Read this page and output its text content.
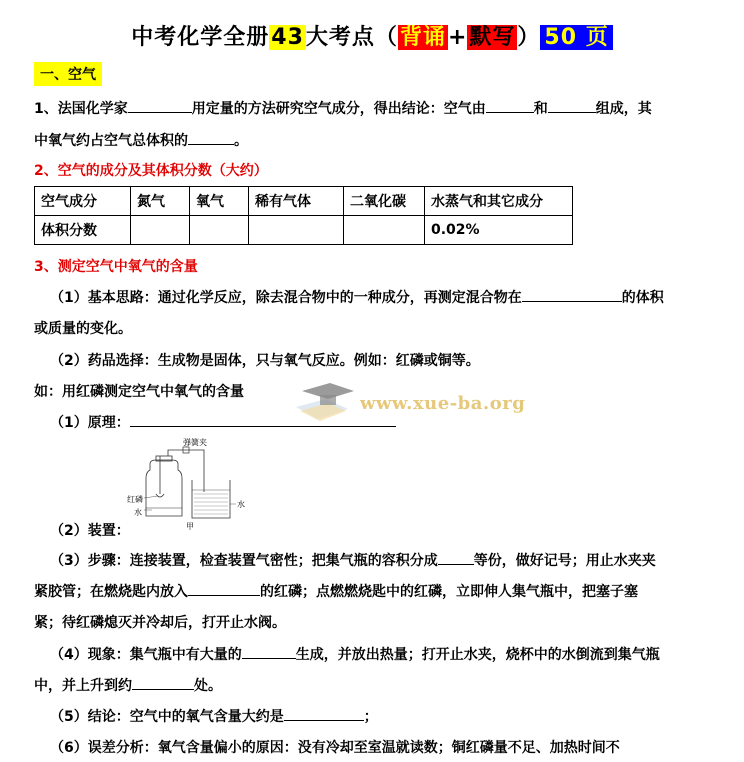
中考化学全册43大考点（背诵+默写） 50 页
一、空气
1、法国化学家	用定量的方法研究空气成分，得出结论：空气由	和	组成，其
中氧气约占空气总体积的	。
2、空气的成分及其体积分数（大约）
空气成分	氮气	氧气	稀有气体	二氧化碳	水蒸气和其它成分
体积分数					0.02%
3、测定空气中氧气的含量
（1）基本思路：通过化学反应，除去混合物中的一种成分，再测定混合物在	的体积
或质量的变化。
（2）药品选择：生成物是固体，只与氧气反应。例如：红磷或铜等。
如：用红磷测定空气中氧气的含量
www.xue-ba.org
（1）原理：
弹簧夹
红磷
水
水
甲
（2）装置：
（3）步骤：连接装置，检查装置气密性；把集气瓶的容积分成	等份，做好记号；用止水夹夹
紧胶管；在燃烧匙内放入	的红磷；点燃燃烧匙中的红磷，立即伸人集气瓶中，把塞子塞
紧；待红磷熄灭并冷却后，打开止水阀。
（4）现象：集气瓶中有大量的	生成，并放出热量；打开止水夹，烧杯中的水倒流到集气瓶
中，并上升到约	处。
（5）结论：空气中的氧气含量大约是	；
（6）误差分析：氧气含量偏小的原因：没有冷却至室温就读数；铜红磷量不足、加热时间不
